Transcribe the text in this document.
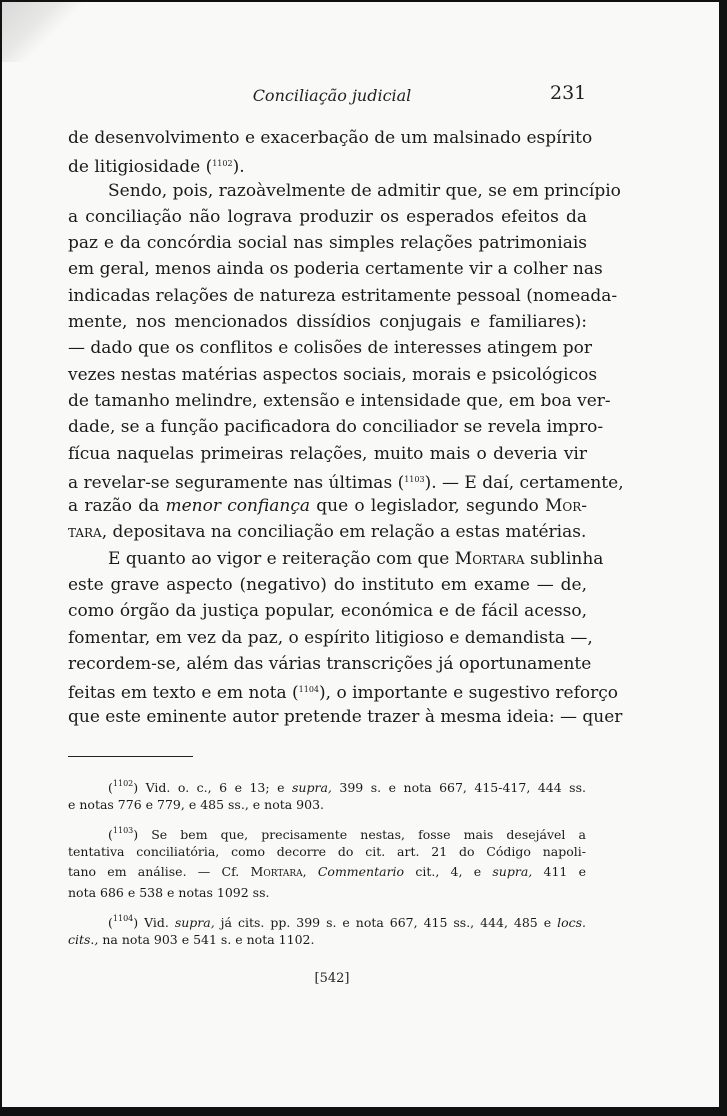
Conciliação judicial	231
de desenvolvimento e exacerbação de um malsinado espírito
de litigiosidade ($^{1102}$).
Sendo, pois, razoàvelmente de admitir que, se em princípio
a conciliação não lograva produzir os esperados efeitos da
paz e da concórdia social nas simples relações patrimoniais
em geral, menos ainda os poderia certamente vir a colher nas
indicadas relações de natureza estritamente pessoal (nomeada-
mente, nos mencionados dissídios conjugais e familiares):
— dado que os conflitos e colisões de interesses atingem por
vezes nestas matérias aspectos sociais, morais e psicológicos
de tamanho melindre, extensão e intensidade que, em boa ver-
dade, se a função pacificadora do conciliador se revela impro-
fícua naquelas primeiras relações, muito mais o deveria vir
a revelar-se seguramente nas últimas ($^{1103}$). — E daí, certamente,
a razão da menor confiança que o legislador, segundo Mor-
tara, depositava na conciliação em relação a estas matérias.
E quanto ao vigor e reiteração com que Mortara sublinha
este grave aspecto (negativo) do instituto em exame — de,
como órgão da justiça popular, económica e de fácil acesso,
fomentar, em vez da paz, o espírito litigioso e demandista —,
recordem-se, além das várias transcrições já oportunamente
feitas em texto e em nota ($^{1104}$), o importante e sugestivo reforço
que este eminente autor pretende trazer à mesma ideia: — quer
($^{1102}$) Vid. o. c., 6 e 13; e supra, 399 s. e nota 667, 415-417, 444 ss.
e notas 776 e 779, e 485 ss., e nota 903.
($^{1103}$) Se bem que, precisamente nestas, fosse mais desejável a
tentativa conciliatória, como decorre do cit. art. 21 do Código napoli-
tano em análise. — Cf. Mortara, Commentario cit., 4, e supra, 411 e
nota 686 e 538 e notas 1092 ss.
($^{1104}$) Vid. supra, já cits. pp. 399 s. e nota 667, 415 ss., 444, 485 e locs.
cits., na nota 903 e 541 s. e nota 1102.
[542]
